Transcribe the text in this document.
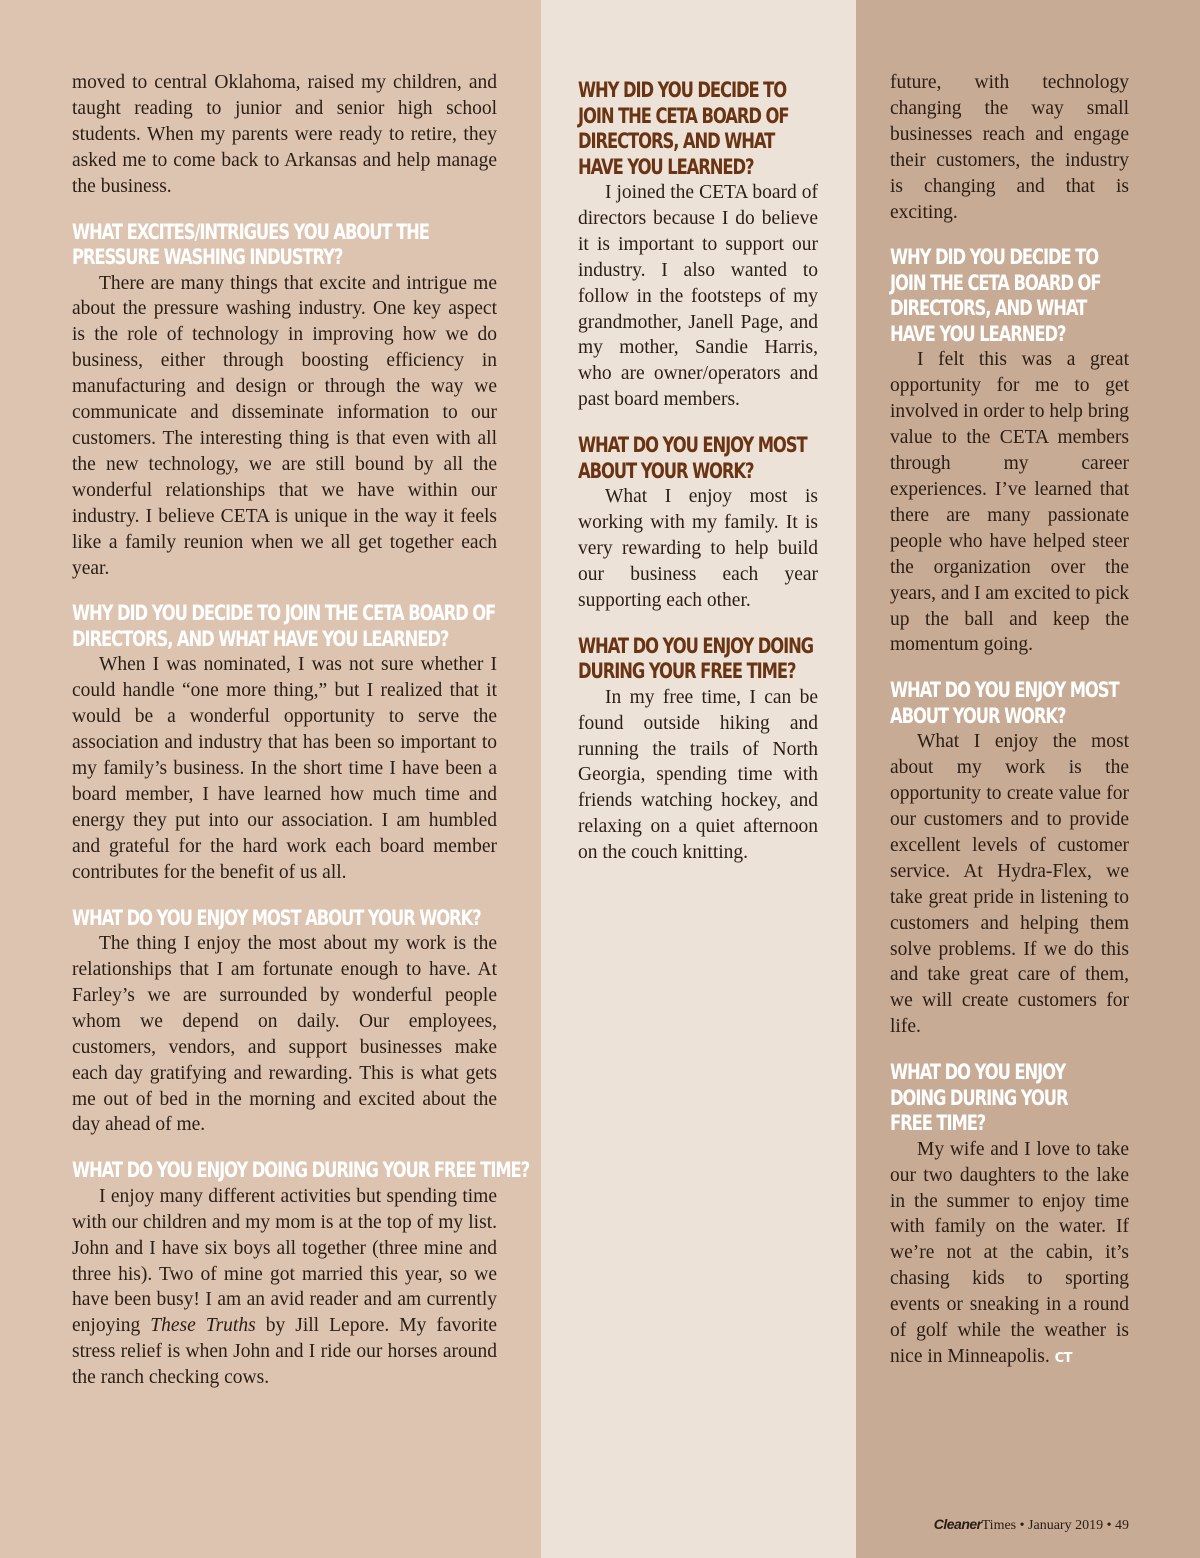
moved to central Oklahoma, raised my children, and taught reading to junior and senior high school students. When my parents were ready to retire, they asked me to come back to Arkansas and help manage the business.

WHAT EXCITES/INTRIGUES YOU ABOUT THE
PRESSURE WASHING INDUSTRY?

There are many things that excite and intrigue me about the pressure washing industry. One key aspect is the role of technology in improving how we do business, either through boosting efficiency in manufacturing and design or through the way we communicate and disseminate information to our customers. The interesting thing is that even with all the new technology, we are still bound by all the wonderful relationships that we have within our industry. I believe CETA is unique in the way it feels like a family reunion when we all get together each year.

WHY DID YOU DECIDE TO JOIN THE CETA BOARD OF
DIRECTORS, AND WHAT HAVE YOU LEARNED?

When I was nominated, I was not sure whether I could handle “one more thing,” but I realized that it would be a wonderful opportunity to serve the association and industry that has been so important to my family’s business. In the short time I have been a board member, I have learned how much time and energy they put into our association. I am humbled and grateful for the hard work each board member contributes for the benefit of us all.

WHAT DO YOU ENJOY MOST ABOUT YOUR WORK?

The thing I enjoy the most about my work is the relationships that I am fortunate enough to have. At Farley’s we are surrounded by wonderful people whom we depend on daily. Our employees, customers, vendors, and support businesses make each day gratifying and rewarding. This is what gets me out of bed in the morning and excited about the day ahead of me.

WHAT DO YOU ENJOY DOING DURING YOUR FREE TIME?

I enjoy many different activities but spending time with our children and my mom is at the top of my list. John and I have six boys all together (three mine and three his). Two of mine got married this year, so we have been busy! I am an avid reader and am currently enjoying These Truths by Jill Lepore. My favorite stress relief is when John and I ride our horses around the ranch checking cows.

WHY DID YOU DECIDE TO
JOIN THE CETA BOARD OF
DIRECTORS, AND WHAT
HAVE YOU LEARNED?

I joined the CETA board of directors because I do believe it is important to support our industry. I also wanted to follow in the footsteps of my grandmother, Janell Page, and my mother, Sandie Harris, who are owner/operators and past board members.

WHAT DO YOU ENJOY MOST
ABOUT YOUR WORK?

What I enjoy most is working with my family. It is very rewarding to help build our business each year supporting each other.

WHAT DO YOU ENJOY DOING
DURING YOUR FREE TIME?

In my free time, I can be found outside hiking and running the trails of North Georgia, spending time with friends watching hockey, and relaxing on a quiet afternoon on the couch knitting.

future, with technology changing the way small businesses reach and engage their customers, the industry is changing and that is exciting.

WHY DID YOU DECIDE TO
JOIN THE CETA BOARD OF
DIRECTORS, AND WHAT
HAVE YOU LEARNED?

I felt this was a great opportunity for me to get involved in order to help bring value to the CETA members through my career experiences. I’ve learned that there are many passionate people who have helped steer the organization over the years, and I am excited to pick up the ball and keep the momentum going.

WHAT DO YOU ENJOY MOST
ABOUT YOUR WORK?

What I enjoy the most about my work is the opportunity to create value for our customers and to provide excellent levels of customer service. At Hydra-Flex, we take great pride in listening to customers and helping them solve problems. If we do this and take great care of them, we will create customers for life.

WHAT DO YOU ENJOY
DOING DURING YOUR
FREE TIME?

My wife and I love to take our two daughters to the lake in the summer to enjoy time with family on the water. If we’re not at the cabin, it’s chasing kids to sporting events or sneaking in a round of golf while the weather is nice in Minneapolis. CT

CleanerTimes • January 2019 • 49
